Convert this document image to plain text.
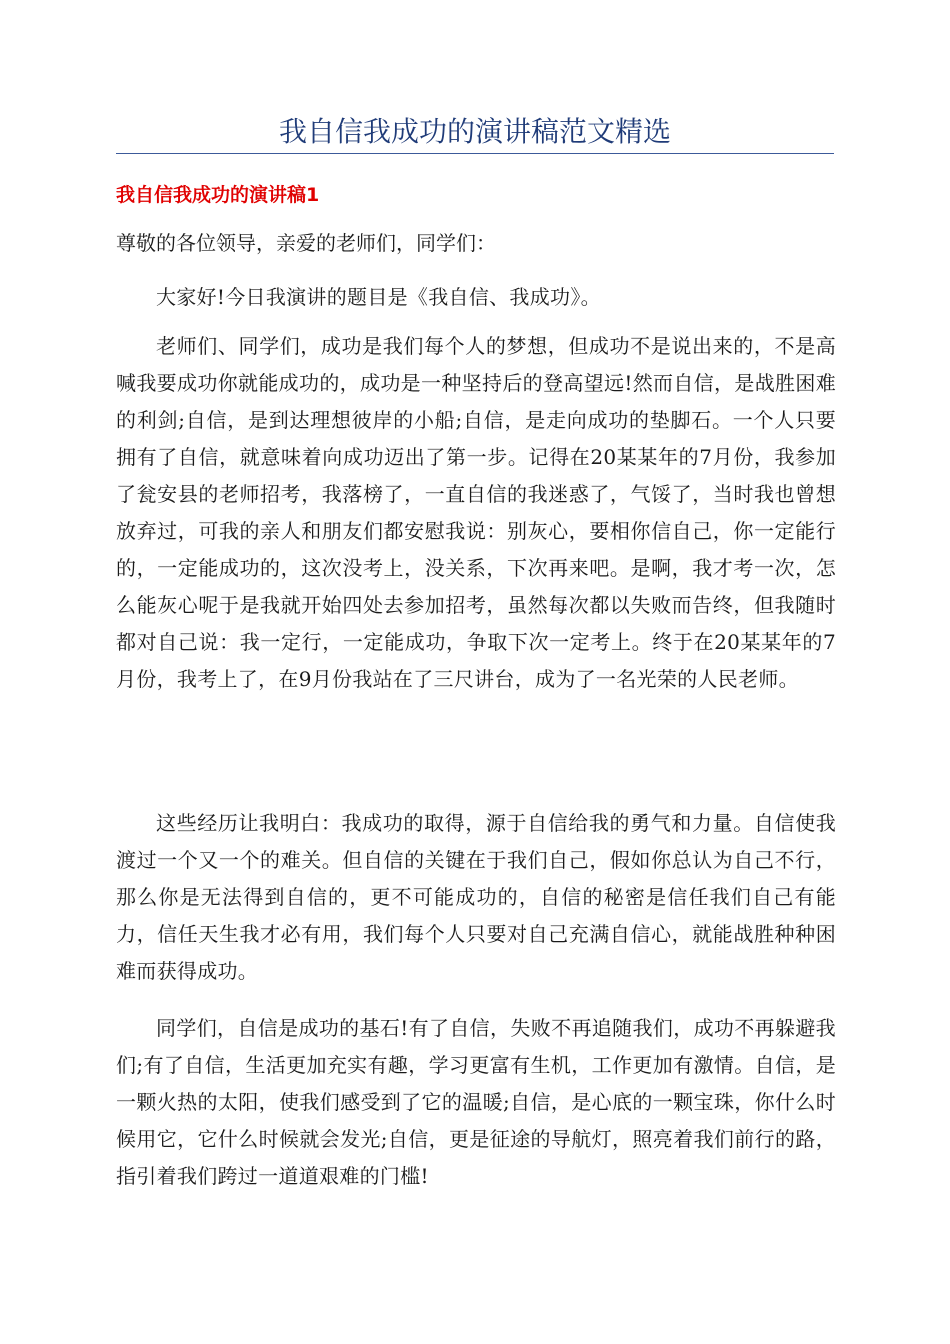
我自信我成功的演讲稿范文精选
我自信我成功的演讲稿1

尊敬的各位领导，亲爱的老师们，同学们：

大家好!今日我演讲的题目是《我自信、我成功》。

老师们、同学们，成功是我们每个人的梦想，但成功不是说出来的，不是高喊我要成功你就能成功的，成功是一种坚持后的登高望远!然而自信，是战胜困难的利剑;自信，是到达理想彼岸的小船;自信，是走向成功的垫脚石。一个人只要拥有了自信，就意味着向成功迈出了第一步。记得在20某某年的7月份，我参加了瓮安县的老师招考，我落榜了，一直自信的我迷惑了，气馁了，当时我也曾想放弃过，可我的亲人和朋友们都安慰我说：别灰心，要相你信自己，你一定能行的，一定能成功的，这次没考上，没关系，下次再来吧。是啊，我才考一次，怎么能灰心呢于是我就开始四处去参加招考，虽然每次都以失败而告终，但我随时都对自己说：我一定行，一定能成功，争取下次一定考上。终于在20某某年的7月份，我考上了，在9月份我站在了三尺讲台，成为了一名光荣的人民老师。

这些经历让我明白：我成功的取得，源于自信给我的勇气和力量。自信使我渡过一个又一个的难关。但自信的关键在于我们自己，假如你总认为自己不行，那么你是无法得到自信的，更不可能成功的，自信的秘密是信任我们自己有能力，信任天生我才必有用，我们每个人只要对自己充满自信心，就能战胜种种困难而获得成功。

同学们，自信是成功的基石!有了自信，失败不再追随我们，成功不再躲避我们;有了自信，生活更加充实有趣，学习更富有生机，工作更加有激情。自信，是一颗火热的太阳，使我们感受到了它的温暖;自信，是心底的一颗宝珠，你什么时候用它，它什么时候就会发光;自信，更是征途的导航灯，照亮着我们前行的路，指引着我们跨过一道道艰难的门槛!
